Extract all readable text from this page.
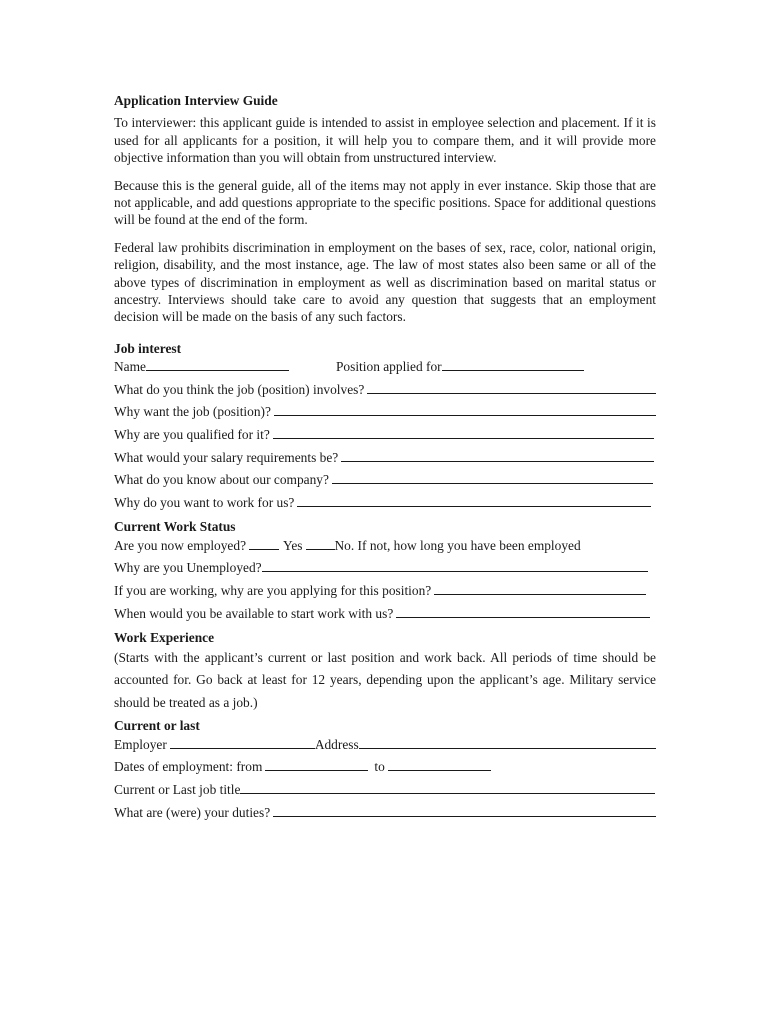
Application Interview Guide

To interviewer: this applicant guide is intended to assist in employee selection and placement. If it is used for all applicants for a position, it will help you to compare them, and it will provide more objective information than you will obtain from unstructured interview.

Because this is the general guide, all of the items may not apply in ever instance. Skip those that are not applicable, and add questions appropriate to the specific positions. Space for additional questions will be found at the end of the form.

Federal law prohibits discrimination in employment on the bases of sex, race, color, national origin, religion, disability, and the most instance, age. The law of most states also been same or all of the above types of discrimination in employment as well as discrimination based on marital status or ancestry. Interviews should take care to avoid any question that suggests that an employment decision will be made on the basis of any such factors.

Job interest
Name	Position applied for
What do you think the job (position) involves?
Why want the job (position)?
Why are you qualified for it?
What would your salary requirements be?
What do you know about our company?
Why do you want to work for us?
Current Work Status
Are you now employed?	Yes No. If not, how long you have been employed
Why are you Unemployed?
If you are working, why are you applying for this position?
When would you be available to start work with us?
Work Experience

(Starts with the applicant’s current or last position and work back. All periods of time should be accounted for. Go back at least for 12 years, depending upon the applicant’s age. Military service should be treated as a job.)

Current or last
Employer	Address
Dates of employment: from	to
Current or Last job title
What are (were) your duties?
